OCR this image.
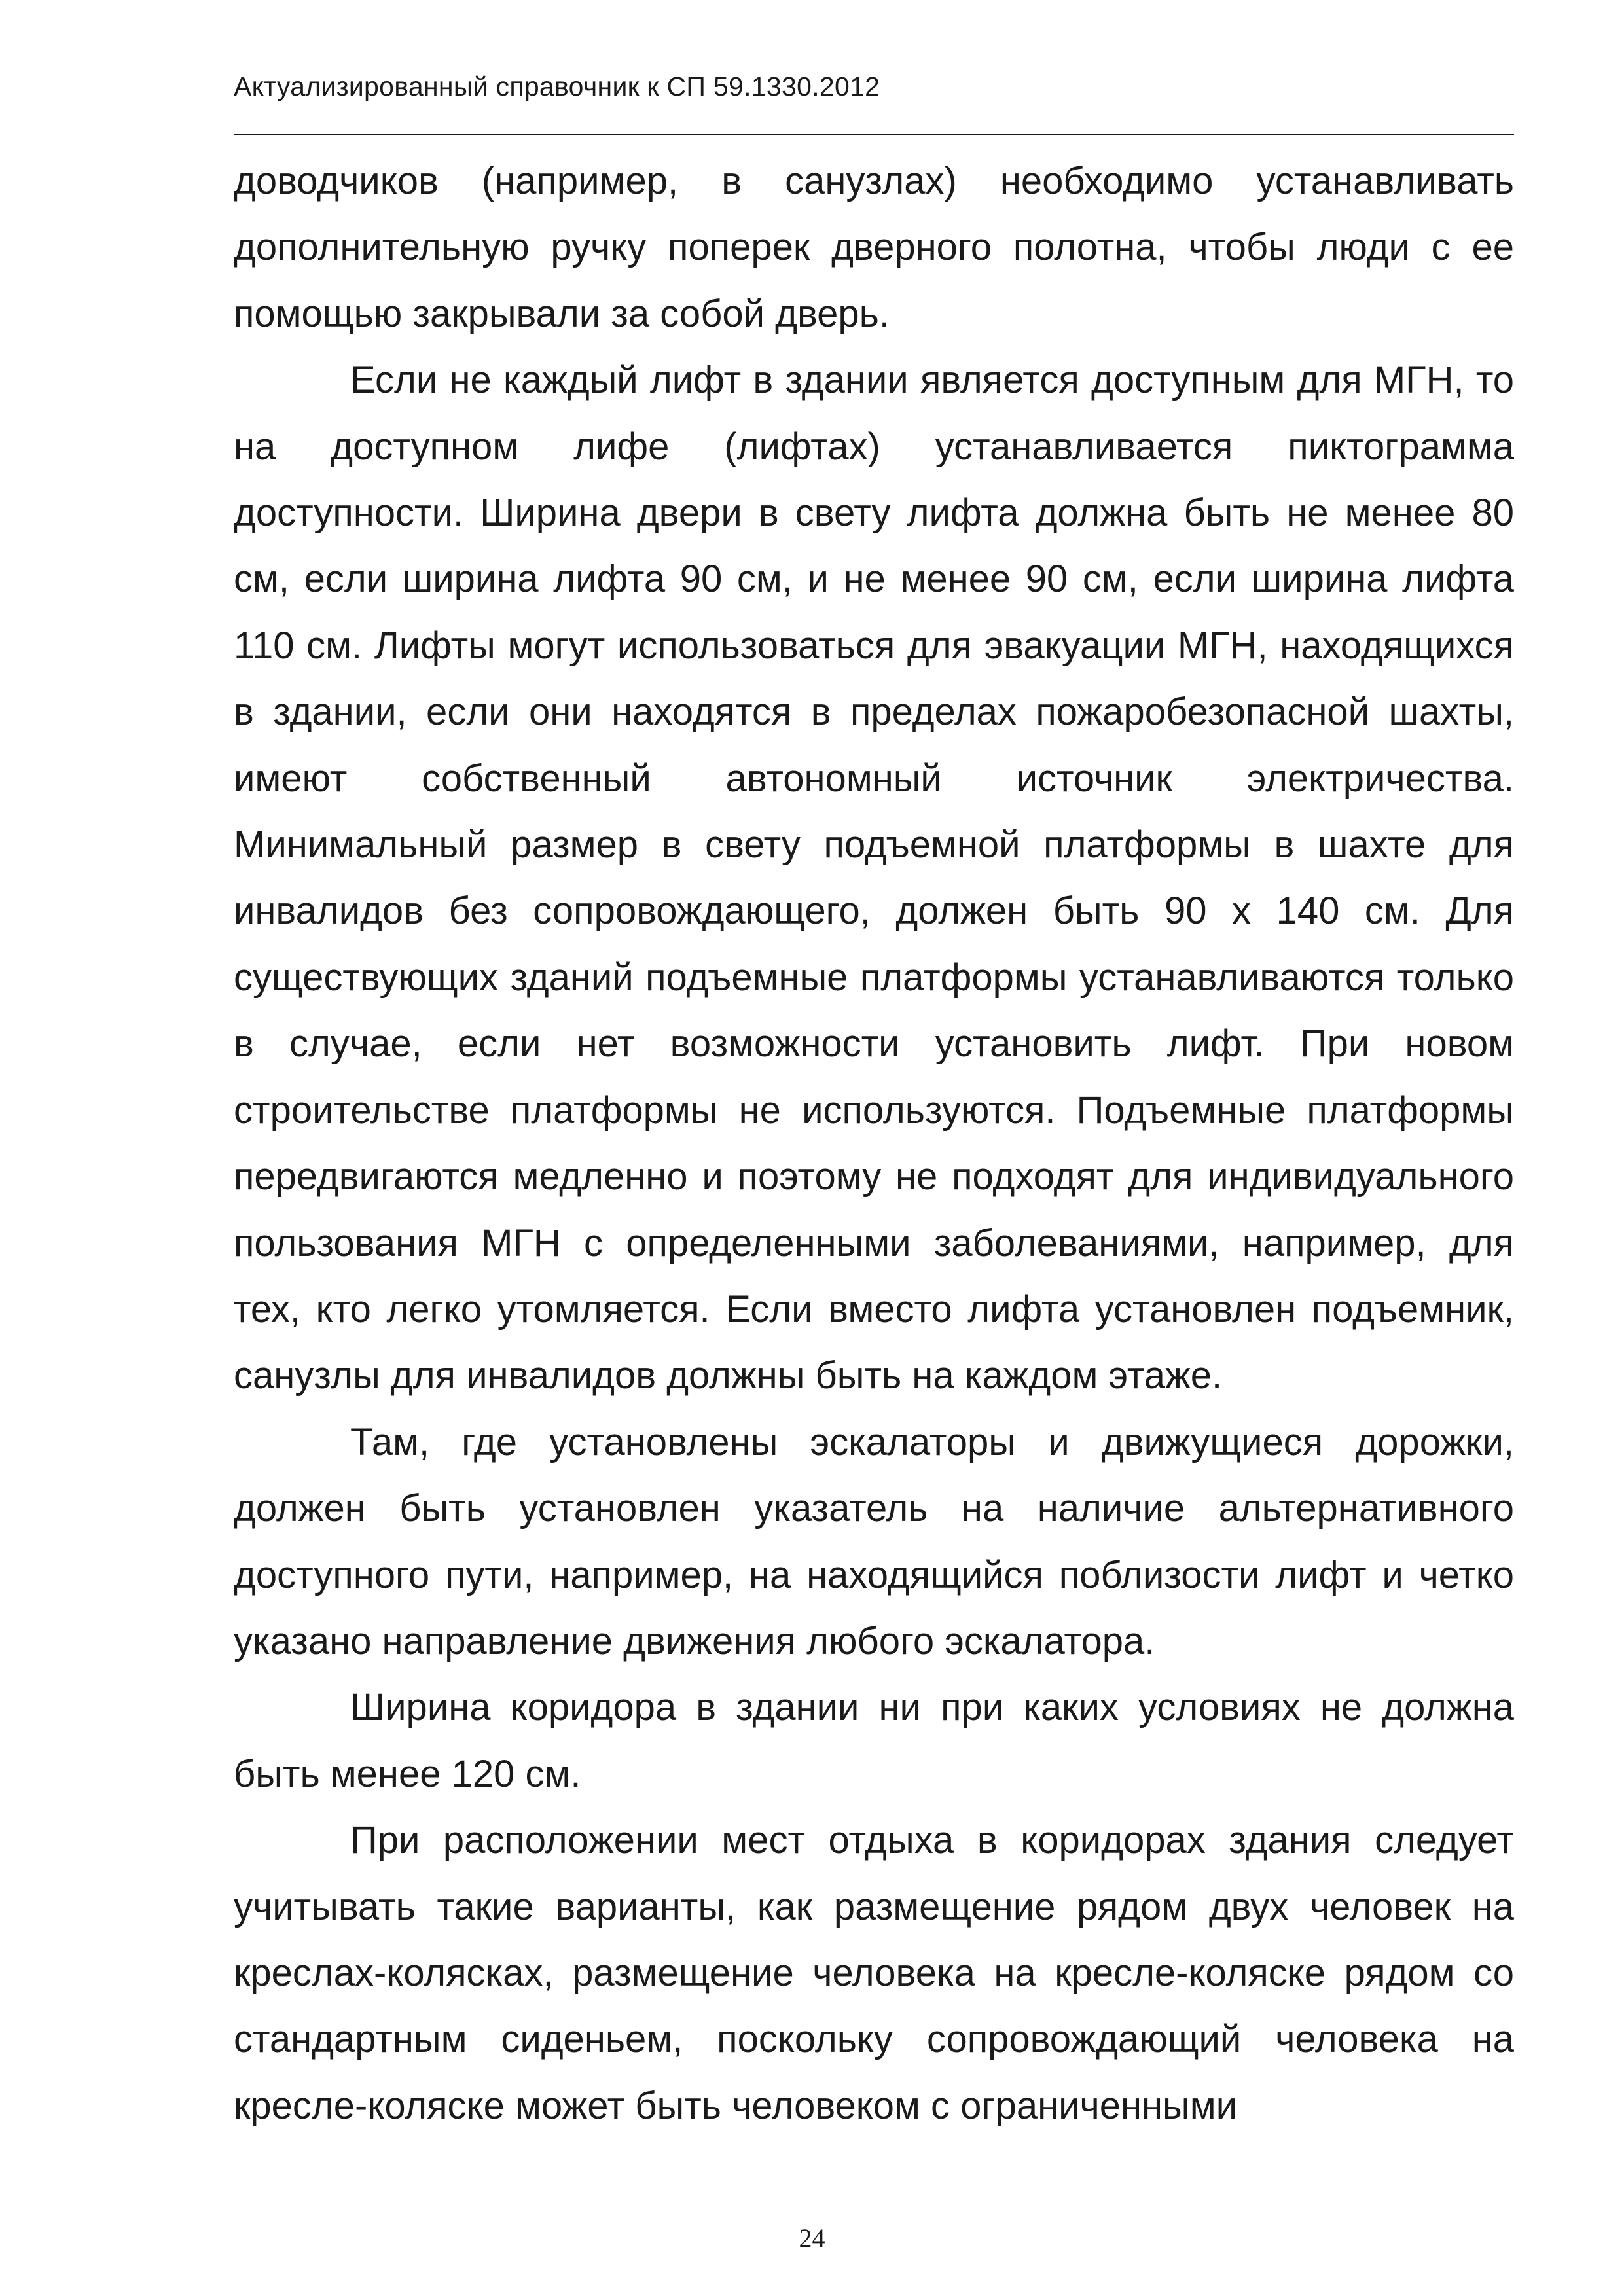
Актуализированный справочник к СП 59.1330.2012

доводчиков (например, в санузлах) необходимо устанавливать дополнительную ручку поперек дверного полотна, чтобы люди с ее помощью закрывали за собой дверь.

Если не каждый лифт в здании является доступным для МГН, то на доступном лифе (лифтах) устанавливается пиктограмма доступности. Ширина двери в свету лифта должна быть не менее 80 см, если ширина лифта 90 см, и не менее 90 см, если ширина лифта 110 см. Лифты могут использоваться для эвакуации МГН, находящихся в здании, если они находятся в пределах пожаробезопасной шахты, имеют собственный автономный источник электричества. Минимальный размер в свету подъемной платформы в шахте для инвалидов без сопровождающего, должен быть 90 х 140 см. Для существующих зданий подъемные платформы устанавливаются только в случае, если нет возможности установить лифт. При новом строительстве платформы не используются. Подъемные платформы передвигаются медленно и поэтому не подходят для индивидуального пользования МГН с определенными заболеваниями, например, для тех, кто легко утомляется. Если вместо лифта установлен подъемник, санузлы для инвалидов должны быть на каждом этаже.

Там, где установлены эскалаторы и движущиеся дорожки, должен быть установлен указатель на наличие альтернативного доступного пути, например, на находящийся поблизости лифт и четко указано направление движения любого эскалатора.

Ширина коридора в здании ни при каких условиях не должна быть менее 120 см.

При расположении мест отдыха в коридорах здания следует учитывать такие варианты, как размещение рядом двух человек на креслах-колясках, размещение человека на кресле-коляске рядом со стандартным сиденьем, поскольку сопровождающий человека на кресле-коляске может быть человеком с ограниченными

24
